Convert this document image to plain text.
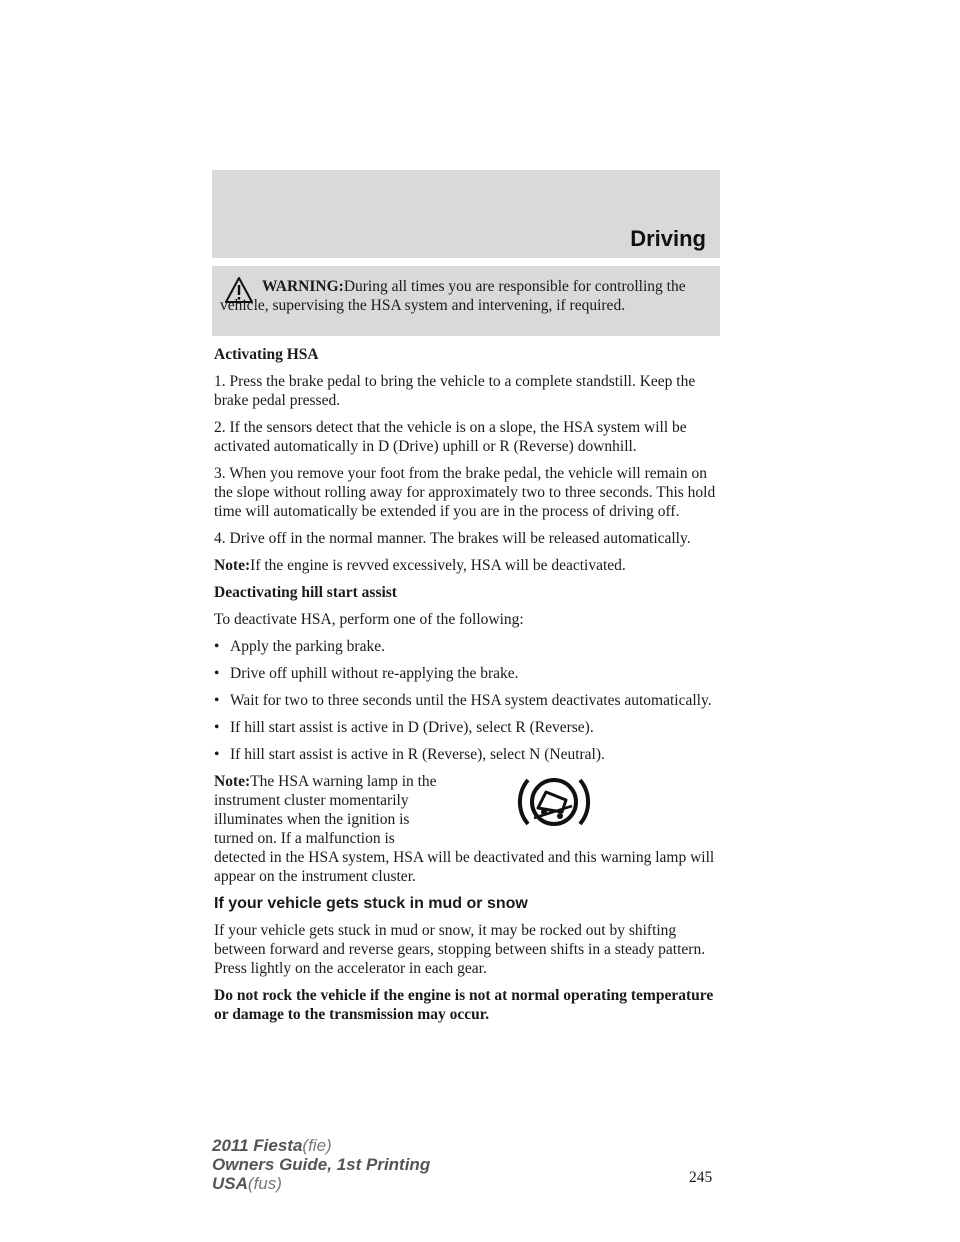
Driving
WARNING:During all times you are responsible for controlling the vehicle, supervising the HSA system and intervening, if required.

Activating HSA

1. Press the brake pedal to bring the vehicle to a complete standstill. Keep the brake pedal pressed.

2. If the sensors detect that the vehicle is on a slope, the HSA system will be activated automatically in D (Drive) uphill or R (Reverse) downhill.

3. When you remove your foot from the brake pedal, the vehicle will remain on the slope without rolling away for approximately two to three seconds. This hold time will automatically be extended if you are in the process of driving off.

4. Drive off in the normal manner. The brakes will be released automatically.

Note:If the engine is revved excessively, HSA will be deactivated.

Deactivating hill start assist

To deactivate HSA, perform one of the following:

• Apply the parking brake.
• Drive off uphill without re-applying the brake.
• Wait for two to three seconds until the HSA system deactivates automatically.
• If hill start assist is active in D (Drive), select R (Reverse).
• If hill start assist is active in R (Reverse), select N (Neutral).
Note:The HSA warning lamp in the instrument cluster momentarily illuminates when the ignition is turned on. If a malfunction is
detected in the HSA system, HSA will be deactivated and this warning lamp will appear on the instrument cluster.

If your vehicle gets stuck in mud or snow

If your vehicle gets stuck in mud or snow, it may be rocked out by shifting between forward and reverse gears, stopping between shifts in a steady pattern. Press lightly on the accelerator in each gear.

Do not rock the vehicle if the engine is not at normal operating temperature or damage to the transmission may occur.

245
2011 Fiesta(fie)
Owners Guide, 1st Printing
USA(fus)
